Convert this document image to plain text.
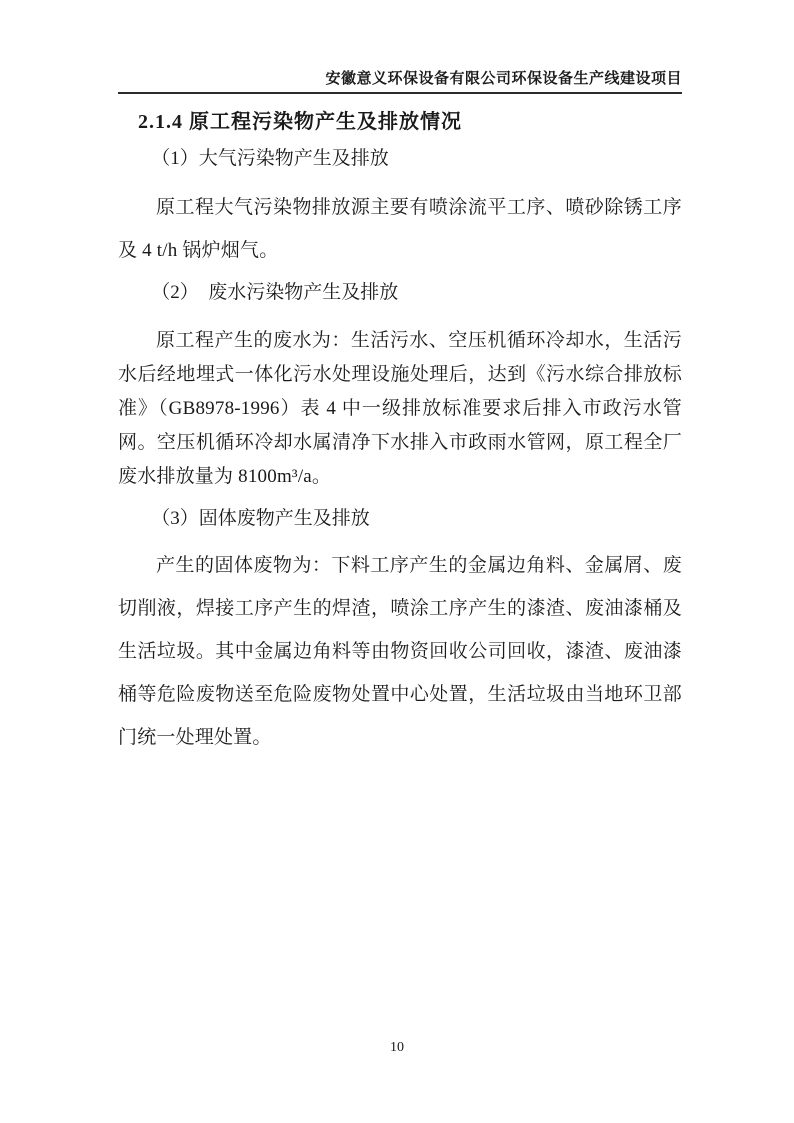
安徽意义环保设备有限公司环保设备生产线建设项目
2.1.4 原工程污染物产生及排放情况
（1）大气污染物产生及排放
原工程大气污染物排放源主要有喷涂流平工序、喷砂除锈工序及 4 t/h 锅炉烟气。
（2）　废水污染物产生及排放
原工程产生的废水为：生活污水、空压机循环冷却水，生活污水后经地埋式一体化污水处理设施处理后，达到《污水综合排放标准》（GB8978-1996）表 4 中一级排放标准要求后排入市政污水管网。空压机循环冷却水属清净下水排入市政雨水管网，原工程全厂废水排放量为 8100m³/a。
（3）固体废物产生及排放
产生的固体废物为：下料工序产生的金属边角料、金属屑、废切削液，焊接工序产生的焊渣，喷涂工序产生的漆渣、废油漆桶及生活垃圾。其中金属边角料等由物资回收公司回收，漆渣、废油漆桶等危险废物送至危险废物处置中心处置，生活垃圾由当地环卫部门统一处理处置。
10
